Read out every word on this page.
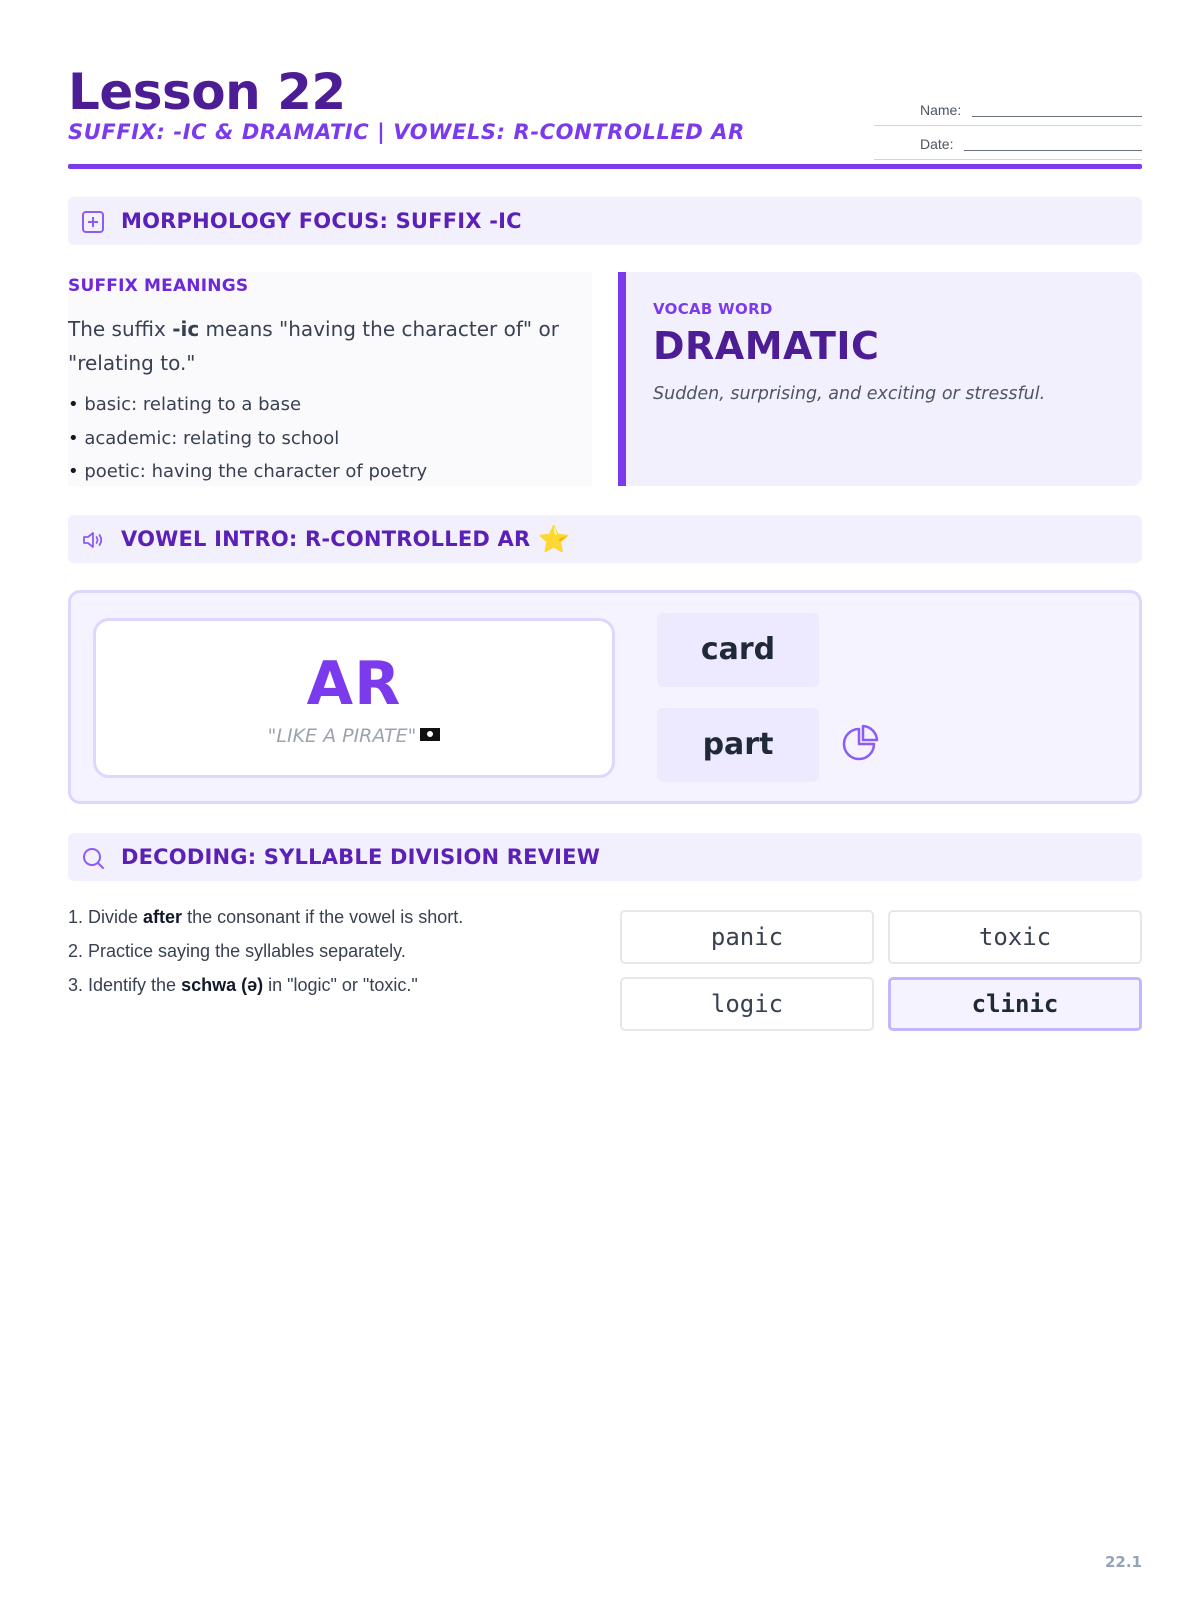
Lesson 22

SUFFIX: -IC & DRAMATIC | VOWELS: R-CONTROLLED AR

Name:
Date:
MORPHOLOGY FOCUS: SUFFIX -IC
SUFFIX MEANINGS

The suffix -ic means "having the character of" or "relating to."

• basic: relating to a base
• academic: relating to school
• poetic: having the character of poetry
VOCAB WORD
DRAMATIC
Sudden, surprising, and exciting or stressful.
VOWEL INTRO: R-CONTROLLED AR ⭐
AR
"LIKE A PIRATE"
card
part
DECODING: SYLLABLE DIVISION REVIEW
1. Divide after the consonant if the vowel is short.
2. Practice saying the syllables separately.
3. Identify the schwa (ə) in "logic" or "toxic."
panic	toxic
logic	clinic
22.1
